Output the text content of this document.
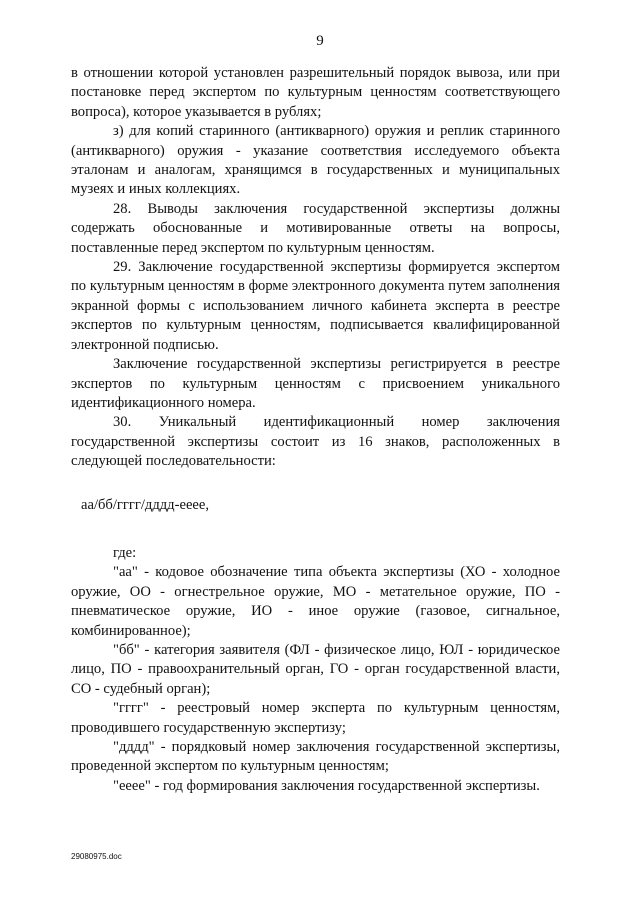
9

в отношении которой установлен разрешительный порядок вывоза, или при постановке перед экспертом по культурным ценностям соответствующего вопроса), которое указывается в рублях;

з) для копий старинного (антикварного) оружия и реплик старинного (антикварного) оружия - указание соответствия исследуемого объекта эталонам и аналогам, хранящимся в государственных и муниципальных музеях и иных коллекциях.

28. Выводы заключения государственной экспертизы должны содержать обоснованные и мотивированные ответы на вопросы, поставленные перед экспертом по культурным ценностям.

29. Заключение государственной экспертизы формируется экспертом по культурным ценностям в форме электронного документа путем заполнения экранной формы с использованием личного кабинета эксперта в реестре экспертов по культурным ценностям, подписывается квалифицированной электронной подписью.

Заключение государственной экспертизы регистрируется в реестре экспертов по культурным ценностям с присвоением уникального идентификационного номера.

30. Уникальный идентификационный номер заключения государственной экспертизы состоит из 16 знаков, расположенных в следующей последовательности:

аа/бб/гггг/дддд-еееe,

где:

"аа" - кодовое обозначение типа объекта экспертизы (ХО - холодное оружие, ОО - огнестрельное оружие, МО - метательное оружие, ПО - пневматическое оружие, ИО - иное оружие (газовое, сигнальное, комбинированное);

"бб" - категория заявителя (ФЛ - физическое лицо, ЮЛ - юридическое лицо, ПО - правоохранительный орган, ГО - орган государственной власти, СО - судебный орган);

"гггг" - реестровый номер эксперта по культурным ценностям, проводившего государственную экспертизу;

"дддд" - порядковый номер заключения государственной экспертизы, проведенной экспертом по культурным ценностям;

"еeee" - год формирования заключения государственной экспертизы.

29080975.doc
